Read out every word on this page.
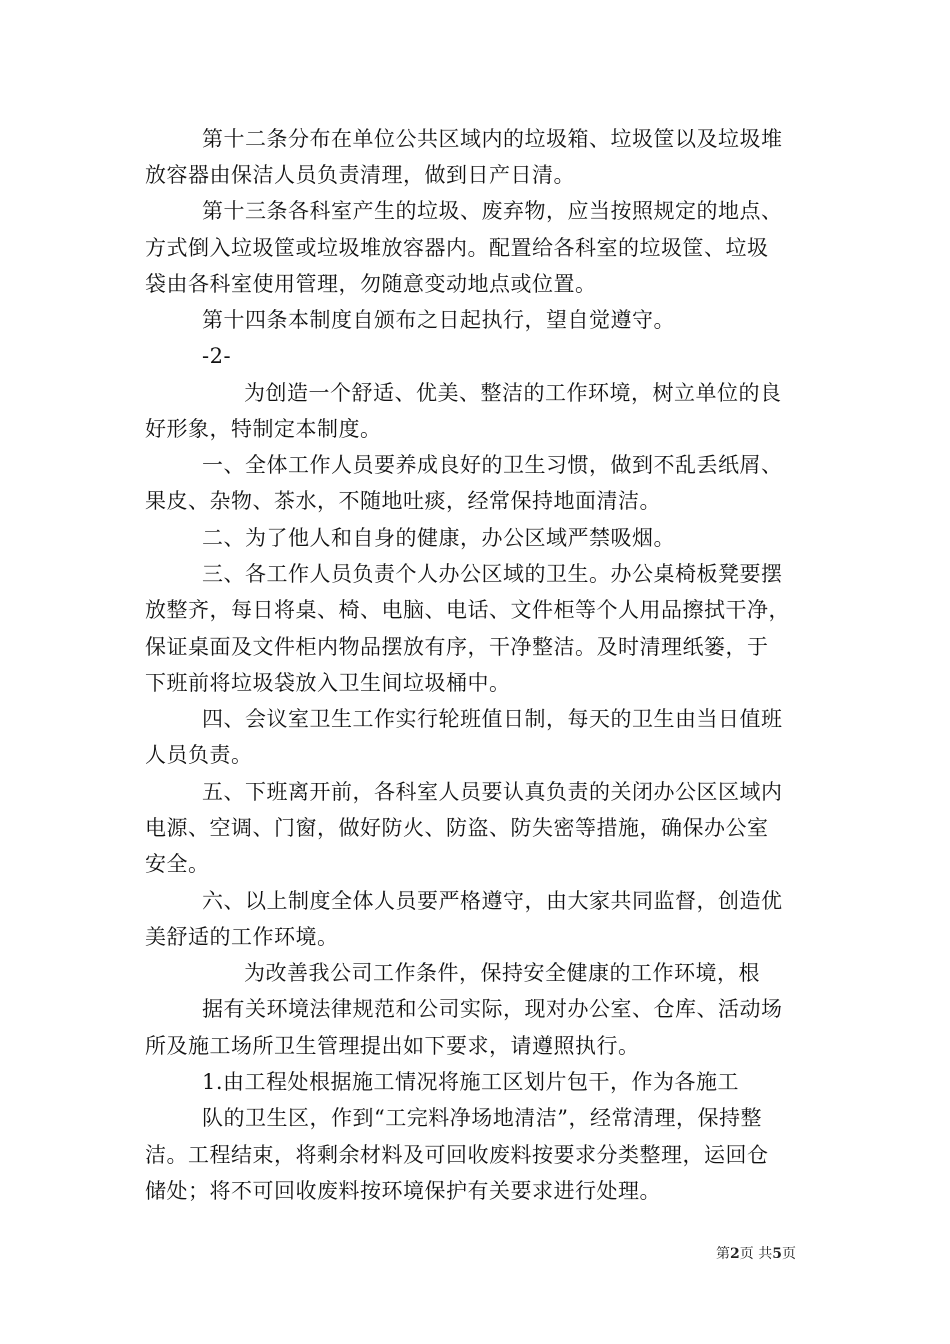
第十二条分布在单位公共区域内的垃圾箱、垃圾筐以及垃圾堆
放容器由保洁人员负责清理，做到日产日清。
第十三条各科室产生的垃圾、废弃物，应当按照规定的地点、
方式倒入垃圾筐或垃圾堆放容器内。配置给各科室的垃圾筐、垃圾
袋由各科室使用管理，勿随意变动地点或位置。
第十四条本制度自颁布之日起执行，望自觉遵守。
-2-
为创造一个舒适、优美、整洁的工作环境，树立单位的良
好形象，特制定本制度。
一、全体工作人员要养成良好的卫生习惯，做到不乱丢纸屑、
果皮、杂物、茶水，不随地吐痰，经常保持地面清洁。
二、为了他人和自身的健康，办公区域严禁吸烟。
三、各工作人员负责个人办公区域的卫生。办公桌椅板凳要摆
放整齐，每日将桌、椅、电脑、电话、文件柜等个人用品擦拭干净，
保证桌面及文件柜内物品摆放有序，干净整洁。及时清理纸篓，于
下班前将垃圾袋放入卫生间垃圾桶中。
四、会议室卫生工作实行轮班值日制，每天的卫生由当日值班
人员负责。
五、下班离开前，各科室人员要认真负责的关闭办公区区域内
电源、空调、门窗，做好防火、防盗、防失密等措施，确保办公室
安全。
六、以上制度全体人员要严格遵守，由大家共同监督，创造优
美舒适的工作环境。
为改善我公司工作条件，保持安全健康的工作环境，根
据有关环境法律规范和公司实际，现对办公室、仓库、活动场
所及施工场所卫生管理提出如下要求，请遵照执行。
1.由工程处根据施工情况将施工区划片包干，作为各施工
队的卫生区，作到“工完料净场地清洁”，经常清理，保持整
洁。工程结束，将剩余材料及可回收废料按要求分类整理，运回仓
储处；将不可回收废料按环境保护有关要求进行处理。
第2页 共5页
